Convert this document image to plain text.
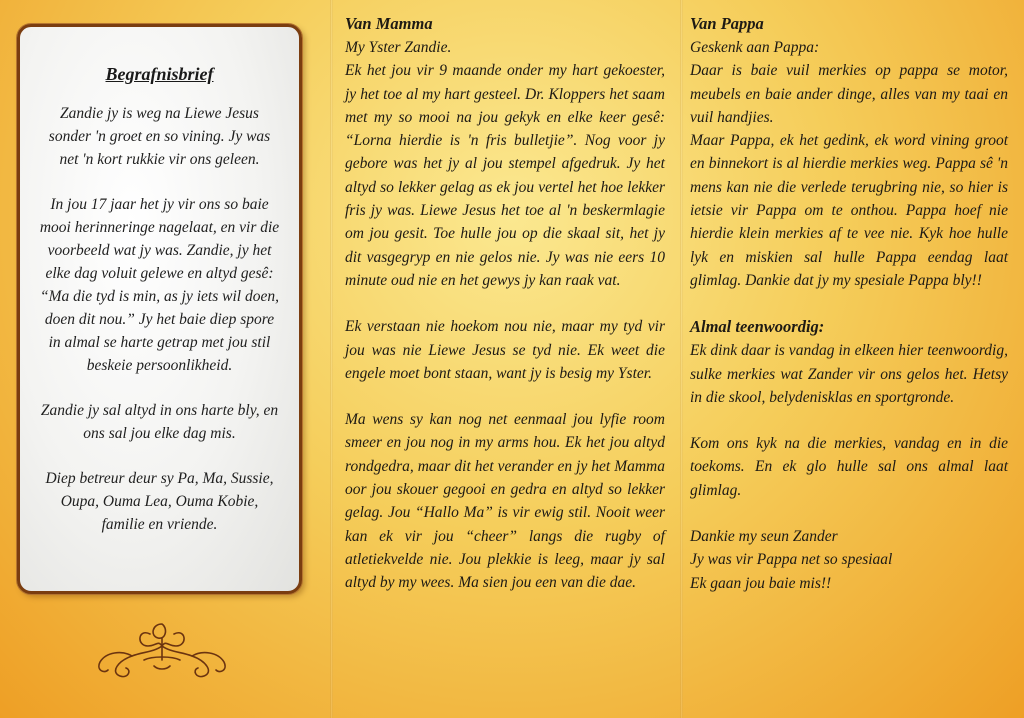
Begrafnisbrief

Zandie jy is weg na Liewe Jesus sonder 'n groet en so vining. Jy was net 'n kort rukkie vir ons geleen.

In jou 17 jaar het jy vir ons so baie mooi herinneringe nagelaat, en vir die voorbeeld wat jy was. Zandie, jy het elke dag voluit gelewe en altyd gesê: “Ma die tyd is min, as jy iets wil doen, doen dit nou.” Jy het baie diep spore in almal se harte getrap met jou stil beskeie persoonlikheid.

Zandie jy sal altyd in ons harte bly, en ons sal jou elke dag mis.

Diep betreur deur sy Pa, Ma, Sussie, Oupa, Ouma Lea, Ouma Kobie, familie en vriende.

Van Mamma

My Yster Zandie.

Ek het jou vir 9 maande onder my hart gekoester, jy het toe al my hart gesteel. Dr. Kloppers het saam met my so mooi na jou gekyk en elke keer gesê: “Lorna hierdie is 'n fris bulletjie”. Nog voor jy gebore was het jy al jou stempel afgedruk. Jy het altyd so lekker gelag as ek jou vertel het hoe lekker fris jy was. Liewe Jesus het toe al 'n beskermlagie om jou gesit. Toe hulle jou op die skaal sit, het jy dit vasgegryp en nie gelos nie. Jy was nie eers 10 minute oud nie en het gewys jy kan raak vat.

Ek verstaan nie hoekom nou nie, maar my tyd vir jou was nie Liewe Jesus se tyd nie. Ek weet die engele moet bont staan, want jy is besig my Yster.

Ma wens sy kan nog net eenmaal jou lyfie room smeer en jou nog in my arms hou. Ek het jou altyd rondgedra, maar dit het verander en jy het Mamma oor jou skouer gegooi en gedra en altyd so lekker gelag. Jou “Hallo Ma” is vir ewig stil. Nooit weer kan ek vir jou “cheer” langs die rugby of atletiekvelde nie. Jou plekkie is leeg, maar jy sal altyd by my wees. Ma sien jou een van die dae.

Van Pappa

Geskenk aan Pappa:

Daar is baie vuil merkies op pappa se motor, meubels en baie ander dinge, alles van my taai en vuil handjies.

Maar Pappa, ek het gedink, ek word vining groot en binnekort is al hierdie merkies weg. Pappa sê 'n mens kan nie die verlede terugbring nie, so hier is ietsie vir Pappa om te onthou. Pappa hoef nie hierdie klein merkies af te vee nie. Kyk hoe hulle lyk en miskien sal hulle Pappa eendag laat glimlag. Dankie dat jy my spesiale Pappa bly!!

Almal teenwoordig:

Ek dink daar is vandag in elkeen hier teenwoordig, sulke merkies wat Zander vir ons gelos het. Hetsy in die skool, belydenisklas en sportgronde.

Kom ons kyk na die merkies, vandag en in die toekoms. En ek glo hulle sal ons almal laat glimlag.

Dankie my seun Zander

Jy was vir Pappa net so spesiaal

Ek gaan jou baie mis!!
